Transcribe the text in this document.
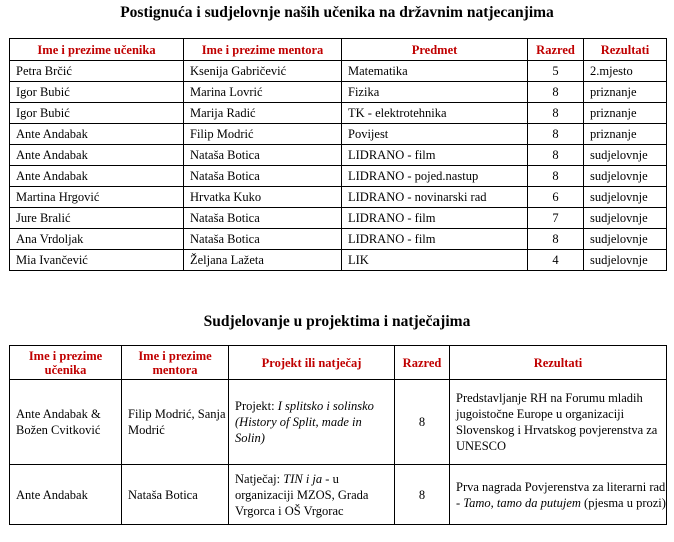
Postignuća i sudjelovnje naših učenika na državnim natjecanjima
Ime i prezime učenika	Ime i prezime mentora	Predmet	Razred	Rezultati
Petra Brčić	Ksenija Gabričević	Matematika	5	2.mjesto
Igor Bubić	Marina Lovrić	Fizika	8	priznanje
Igor Bubić	Marija Radić	TK - elektrotehnika	8	priznanje
Ante Andabak	Filip Modrić	Povijest	8	priznanje
Ante Andabak	Nataša Botica	LIDRANO - film	8	sudjelovnje
Ante Andabak	Nataša Botica	LIDRANO - pojed.nastup	8	sudjelovnje
Martina Hrgović	Hrvatka Kuko	LIDRANO - novinarski rad	6	sudjelovnje
Jure Bralić	Nataša Botica	LIDRANO - film	7	sudjelovnje
Ana Vrdoljak	Nataša Botica	LIDRANO - film	8	sudjelovnje
Mia Ivančević	Željana Lažeta	LIK	4	sudjelovnje
Sudjelovanje u projektima i natječajima
Ime i prezime učenika	Ime i prezime mentora	Projekt ili natječaj	Razred	Rezultati
Ante Andabak & Božen Cvitković	Filip Modrić, Sanja Modrić	Projekt: I splitsko i solinsko (History of Split, made in Solin)	8	Predstavljanje RH na Forumu mladih jugoistočne Europe u organizaciji Slovenskog i Hrvatskog povjerenstva za UNESCO
Ante Andabak	Nataša Botica	Natječaj: TIN i ja - u organizaciji MZOS, Grada Vrgorca i OŠ Vrgorac	8	Prva nagrada Povjerenstva za literarni rad - Tamo, tamo da putujem (pjesma u prozi)
